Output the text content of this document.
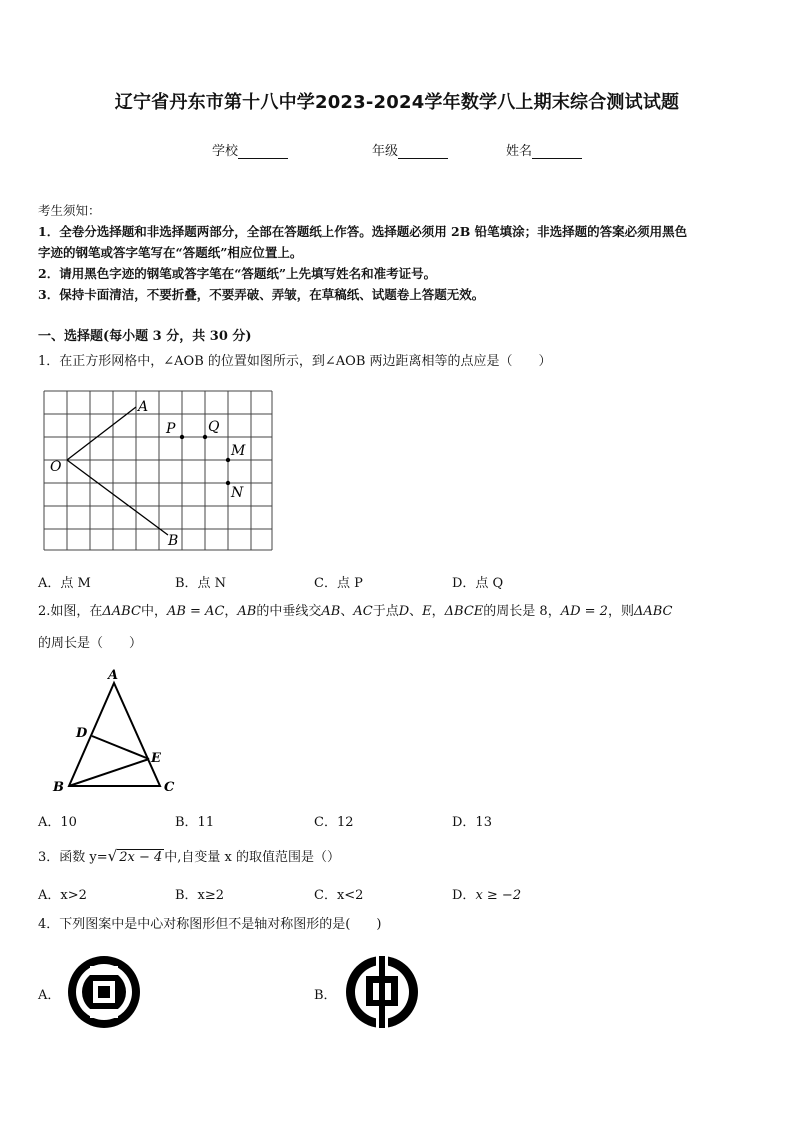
辽宁省丹东市第十八中学2023-2024学年数学八上期末综合测试试题
学校	年级	姓名
考生须知：
1．全卷分选择题和非选择题两部分，全部在答题纸上作答。选择题必须用 2B 铅笔填涂；非选择题的答案必须用黑色
字迹的钢笔或答字笔写在“答题纸”相应位置上。
2．请用黑色字迹的钢笔或答字笔在“答题纸”上先填写姓名和准考证号。
3．保持卡面清洁，不要折叠，不要弄破、弄皱，在草稿纸、试题卷上答题无效。
一、选择题(每小题 3 分，共 30 分)
1．在正方形网格中，∠AOB 的位置如图所示，到∠AOB 两边距离相等的点应是（　　）
A
P Q
M
O
N
B
A．点 M	B．点 N	C．点 P	D．点 Q
2.如图，在ΔABC中，AB = AC，AB的中垂线交AB、AC于点D、E，ΔBCE的周长是 8，AD = 2，则ΔABC
的周长是（　　）
A
D
E
B	C
A．10	B．11	C．12	D．13
3．函数 y=√ 2x − 4 中,自变量 x 的取值范围是（）
A．x>2	B．x≥2	C．x<2	D．x ≥ −2
4．下列图案中是中心对称图形但不是轴对称图形的是(　　)
A．	B．
